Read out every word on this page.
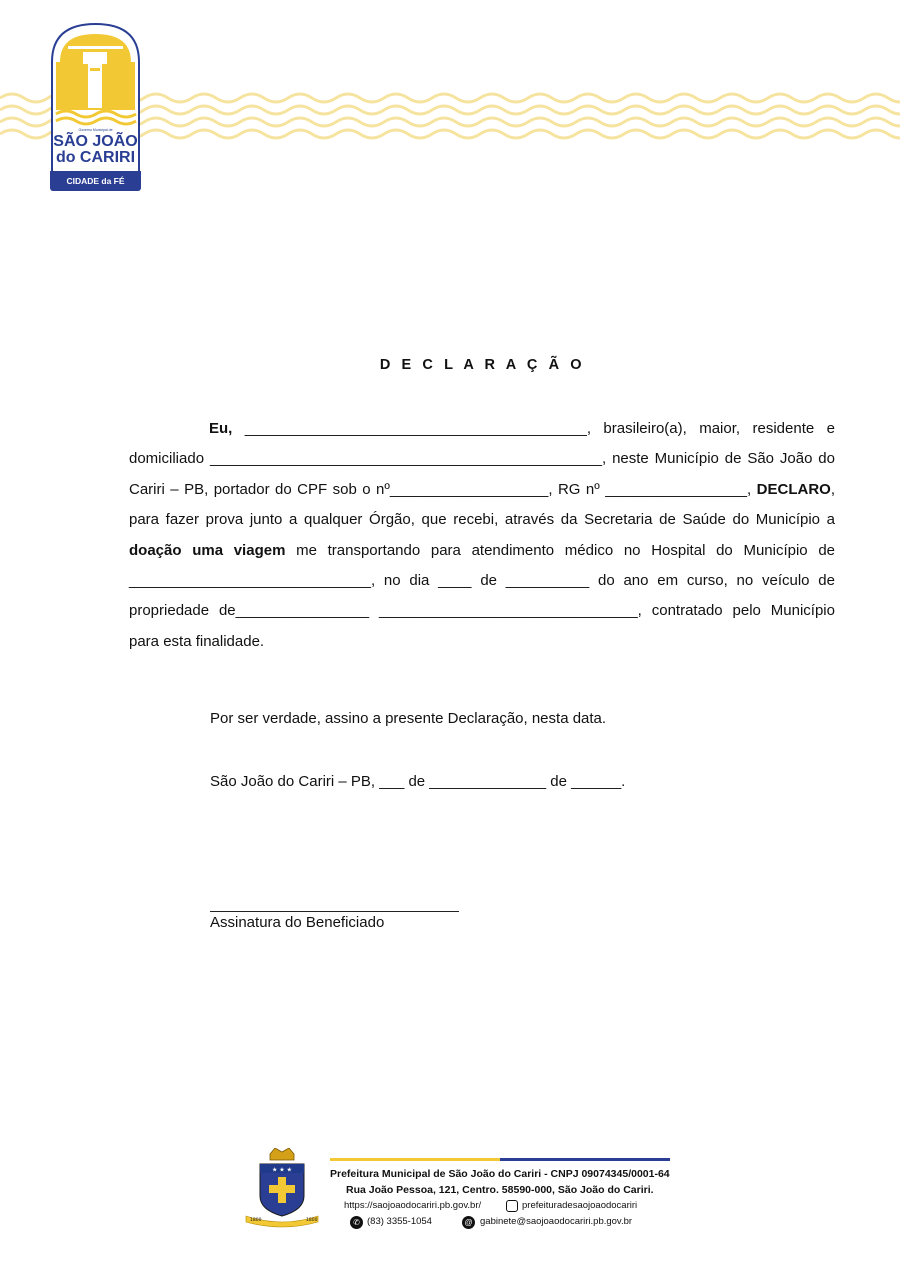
Governo Municipal de
SÃO JOÃO
do CARIRI
CIDADE da FÉ
D E C L A R A Ç Ã O
Eu, _________________________________________, brasileiro(a), maior, residente e domiciliado _______________________________________________, neste Município de São João do Cariri – PB, portador do CPF sob o nº___________________, RG nº _________________, DECLARO, para fazer prova junto a qualquer Órgão, que recebi, através da Secretaria de Saúde do Município a doação uma viagem me transportando para atendimento médico no Hospital do Município de _____________________________, no dia ____ de __________ do ano em curso, no veículo de propriedade de________________ _______________________________, contratado pelo Município para esta finalidade.
Por ser verdade, assino a presente Declaração, nesta data.
São João do Cariri – PB, ___ de ______________ de ______.
Assinatura do Beneficiado
★ ★ ★
1800	1800
Prefeitura Municipal de São João do Cariri - CNPJ 09074345/0001-64
Rua João Pessoa, 121, Centro. 58590-000, São João do Cariri.
https://saojoaodocariri.pb.gov.br/	prefeituradesaojoaodocariri
✆ (83) 3355-1054	@ gabinete@saojoaodocariri.pb.gov.br
